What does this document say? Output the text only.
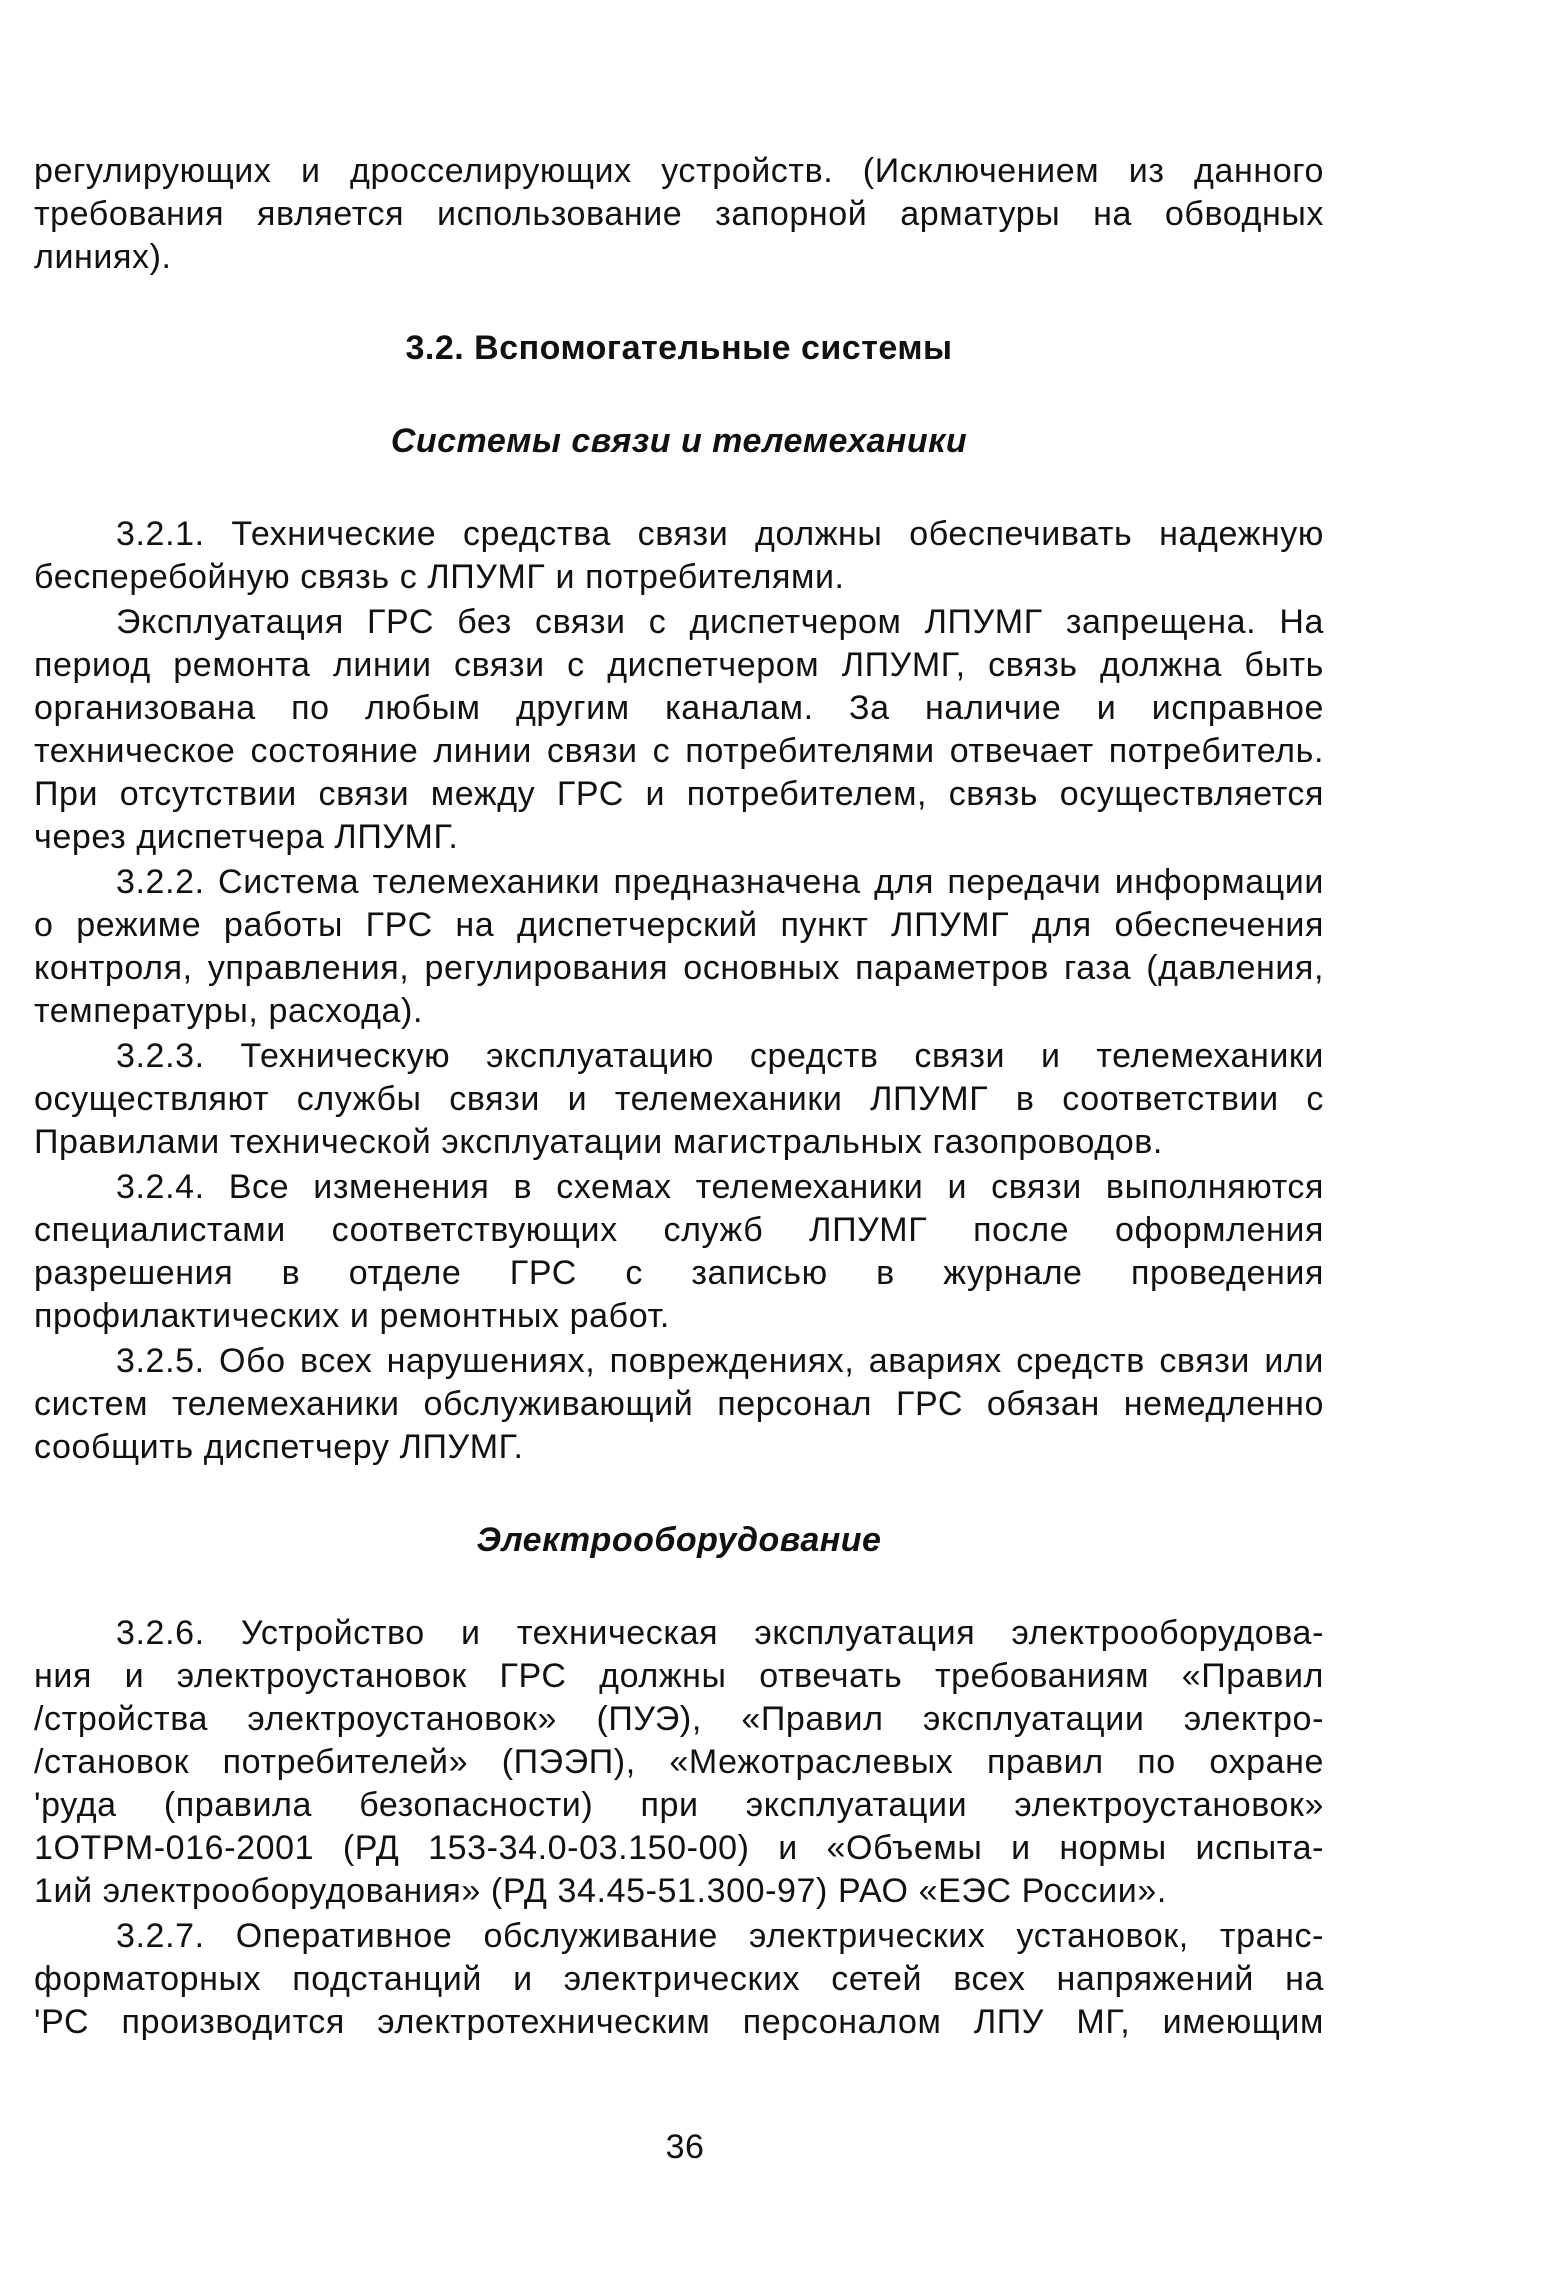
регулирующих и дросселирующих устройств. (Исключением из данного требования является использование запорной арматуры на обводных линиях).

3.2. Вспомогательные системы
Системы связи и телемеханики

3.2.1. Технические средства связи должны обеспечивать надежную бесперебойную связь с ЛПУМГ и потребителями.

Эксплуатация ГРС без связи с диспетчером ЛПУМГ запрещена. На период ремонта линии связи с диспетчером ЛПУМГ, связь должна быть организована по любым другим каналам. За наличие и исправное техническое состояние линии связи с потребителями отвечает потребитель. При отсутствии связи между ГРС и потребителем, связь осуществляется через диспетчера ЛПУМГ.

3.2.2. Система телемеханики предназначена для передачи информации о режиме работы ГРС на диспетчерский пункт ЛПУМГ для обеспечения контроля, управления, регулирования основных параметров газа (давления, температуры, расхода).

3.2.3. Техническую эксплуатацию средств связи и телемеханики осуществляют службы связи и телемеханики ЛПУМГ в соответствии с Правилами технической эксплуатации магистральных газопроводов.

3.2.4. Все изменения в схемах телемеханики и связи выполняются специалистами соответствующих служб ЛПУМГ после оформления разрешения в отделе ГРС с записью в журнале проведения профилактических и ремонтных работ.

3.2.5. Обо всех нарушениях, повреждениях, авариях средств связи или систем телемеханики обслуживающий персонал ГРС обязан немедленно сообщить диспетчеру ЛПУМГ.

Электрооборудование

3.2.6. Устройство и техническая эксплуатация электрооборудова-
ния и электроустановок ГРС должны отвечать требованиям «Правил
/стройства электроустановок» (ПУЭ), «Правил эксплуатации электро-
/становок потребителей» (ПЭЭП), «Межотраслевых правил по охране
'руда (правила безопасности) при эксплуатации электроустановок»
1ОТРМ-016-2001 (РД 153-34.0-03.150-00) и «Объемы и нормы испыта-
1ий электрооборудования» (РД 34.45-51.300-97) РАО «ЕЭС России».

3.2.7. Оперативное обслуживание электрических установок, транс-
форматорных подстанций и электрических сетей всех напряжений на
'РС производится электротехническим персоналом ЛПУ МГ, имеющим

36
